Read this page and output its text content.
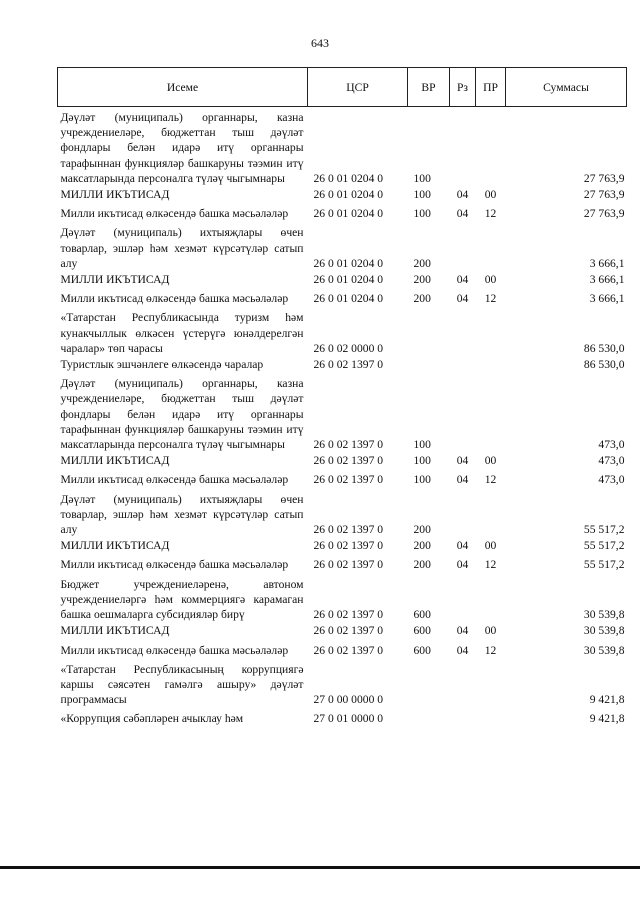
643
Исеме	ЦСР	ВР	Рз	ПР	Суммасы
Дәүләт (муниципаль) органнары, казна учреждениеләре, бюджеттан тыш дәүләт фондлары белән идарә итү органнары тарафыннан функцияләр башкаруны тәэмин итү максатларында персоналга түләү чыгымнары	26 0 01 0204 0	100			27 763,9
МИЛЛИ ИКЪТИСАД	26 0 01 0204 0	100	04	00	27 763,9
Милли икътисад өлкәсендә башка мәсьәләләр	26 0 01 0204 0	100	04	12	27 763,9
Дәүләт (муниципаль) ихтыяҗлары өчен товарлар, эшләр һәм хезмәт күрсәтүләр сатып алу	26 0 01 0204 0	200			3 666,1
МИЛЛИ ИКЪТИСАД	26 0 01 0204 0	200	04	00	3 666,1
Милли икътисад өлкәсендә башка мәсьәләләр	26 0 01 0204 0	200	04	12	3 666,1
«Татарстан Республикасында туризм һәм кунакчыллык өлкәсен үстерүгә юнәлдерелгән чаралар» төп чарасы	26 0 02 0000 0				86 530,0
Туристлык эшчәнлеге өлкәсендә чаралар	26 0 02 1397 0				86 530,0
Дәүләт (муниципаль) органнары, казна учреждениеләре, бюджеттан тыш дәүләт фондлары белән идарә итү органнары тарафыннан функцияләр башкаруны тәэмин итү максатларында персоналга түләү чыгымнары	26 0 02 1397 0	100			473,0
МИЛЛИ ИКЪТИСАД	26 0 02 1397 0	100	04	00	473,0
Милли икътисад өлкәсендә башка мәсьәләләр	26 0 02 1397 0	100	04	12	473,0
Дәүләт (муниципаль) ихтыяҗлары өчен товарлар, эшләр һәм хезмәт күрсәтүләр сатып алу	26 0 02 1397 0	200			55 517,2
МИЛЛИ ИКЪТИСАД	26 0 02 1397 0	200	04	00	55 517,2
Милли икътисад өлкәсендә башка мәсьәләләр	26 0 02 1397 0	200	04	12	55 517,2
Бюджет учреждениеләренә, автоном учреждениеләргә һәм коммерциягә карамаган башка оешмаларга субсидияләр бирү	26 0 02 1397 0	600			30 539,8
МИЛЛИ ИКЪТИСАД	26 0 02 1397 0	600	04	00	30 539,8
Милли икътисад өлкәсендә башка мәсьәләләр	26 0 02 1397 0	600	04	12	30 539,8
«Татарстан Республикасының коррупциягә каршы сәясәтен гамәлгә ашыру» дәүләт программасы	27 0 00 0000 0				9 421,8
«Коррупция сәбәпләрен ачыклау һәм	27 0 01 0000 0				9 421,8
